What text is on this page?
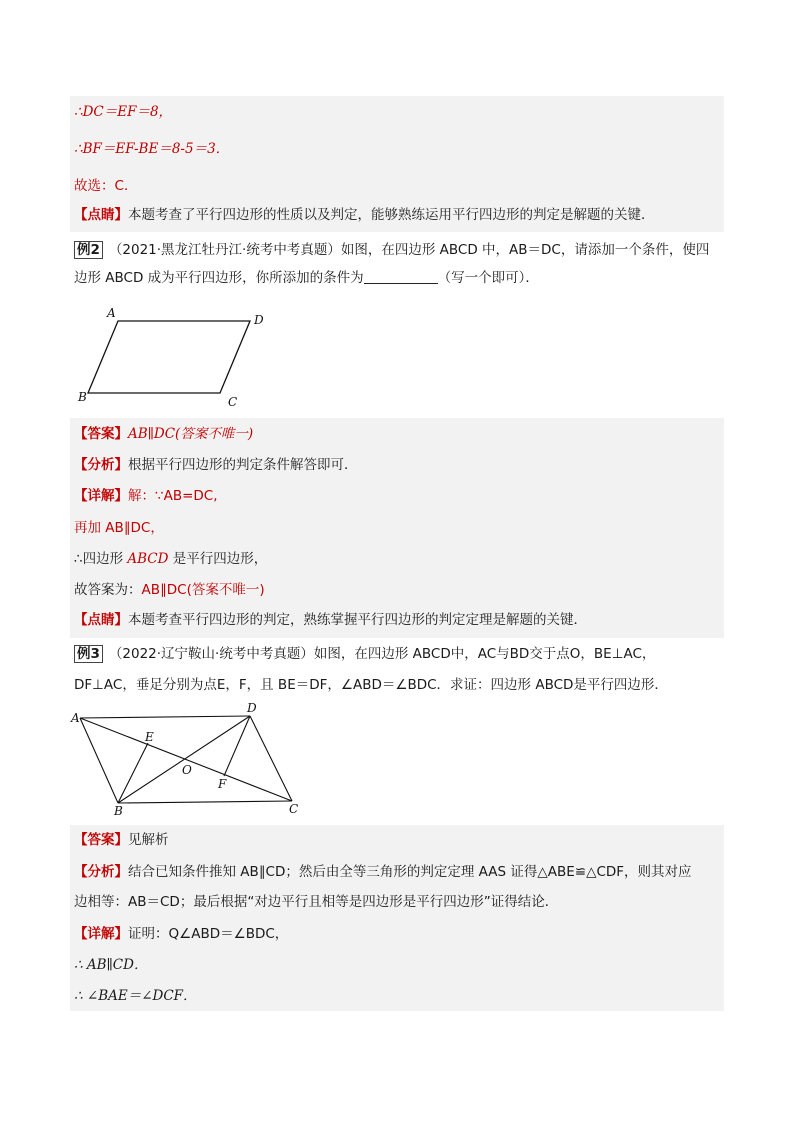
∴DC＝EF＝8，
∴BF＝EF-BE＝8-5＝3．
故选：C．
【点睛】本题考查了平行四边形的性质以及判定，能够熟练运用平行四边形的判定是解题的关键．
例2 （2021·黑龙江牡丹江·统考中考真题）如图，在四边形 ABCD 中，AB＝DC，请添加一个条件，使四
边形 ABCD 成为平行四边形，你所添加的条件为	（写一个即可）．
A	D
B	C
【答案】AB∥DC(答案不唯一)
【分析】根据平行四边形的判定条件解答即可．
【详解】解：∵AB=DC,
再加 AB∥DC，
∴四边形 ABCD 是平行四边形，
故答案为：AB∥DC(答案不唯一)
【点睛】本题考查平行四边形的判定，熟练掌握平行四边形的判定定理是解题的关键．
例3 （2022·辽宁鞍山·统考中考真题）如图，在四边形 ABCD中，AC与BD交于点O，BE⊥AC，
DF⊥AC，垂足分别为点E，F，且 BE＝DF，∠ABD＝∠BDC．求证：四边形 ABCD是平行四边形．
A
D
B	C
E
F
O
【答案】见解析
【分析】结合已知条件推知 AB∥CD；然后由全等三角形的判定定理 AAS 证得△ABE≌△CDF，则其对应
边相等：AB＝CD；最后根据“对边平行且相等是四边形是平行四边形”证得结论．
【详解】证明：Q∠ABD＝∠BDC，
∴ AB∥CD．
∴ ∠BAE＝∠DCF．
